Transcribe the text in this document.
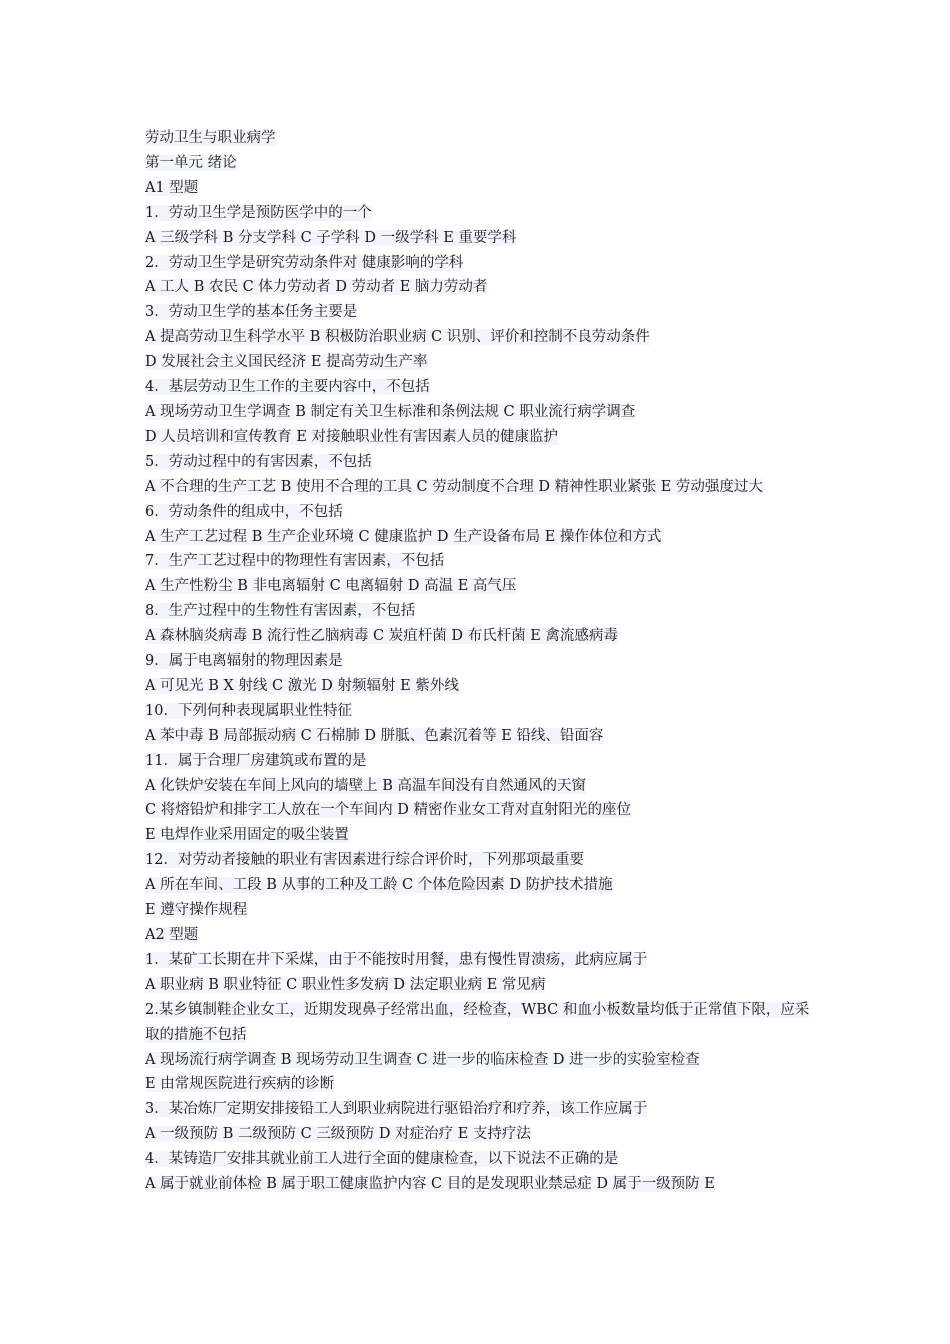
劳动卫生与职业病学
第一单元 绪论
A1 型题
1．劳动卫生学是预防医学中的一个
A 三级学科 B 分支学科 C 子学科 D 一级学科 E 重要学科
2．劳动卫生学是研究劳动条件对 健康影响的学科
A 工人 B 农民 C 体力劳动者 D 劳动者 E 脑力劳动者
3．劳动卫生学的基本任务主要是
A 提高劳动卫生科学水平 B 积极防治职业病 C 识别、评价和控制不良劳动条件
D 发展社会主义国民经济 E 提高劳动生产率
4．基层劳动卫生工作的主要内容中，不包括
A 现场劳动卫生学调查 B 制定有关卫生标准和条例法规 C 职业流行病学调查
D 人员培训和宣传教育 E 对接触职业性有害因素人员的健康监护
5．劳动过程中的有害因素，不包括
A 不合理的生产工艺 B 使用不合理的工具 C 劳动制度不合理 D 精神性职业紧张 E 劳动强度过大
6．劳动条件的组成中，不包括
A 生产工艺过程 B 生产企业环境 C 健康监护 D 生产设备布局 E 操作体位和方式
7．生产工艺过程中的物理性有害因素，不包括
A 生产性粉尘 B 非电离辐射 C 电离辐射 D 高温 E 高气压
8．生产过程中的生物性有害因素，不包括
A 森林脑炎病毒 B 流行性乙脑病毒 C 炭疽杆菌 D 布氏杆菌 E 禽流感病毒
9．属于电离辐射的物理因素是
A 可见光 B X 射线 C 激光 D 射频辐射 E 紫外线
10．下列何种表现属职业性特征
A 苯中毒 B 局部振动病 C 石棉肺 D 胼胝、色素沉着等 E 铅线、铅面容
11．属于合理厂房建筑或布置的是
A 化铁炉安装在车间上风向的墙壁上 B 高温车间没有自然通风的天窗
C 将熔铅炉和排字工人放在一个车间内 D 精密作业女工背对直射阳光的座位
E 电焊作业采用固定的吸尘装置
12．对劳动者接触的职业有害因素进行综合评价时，下列那项最重要
A 所在车间、工段 B 从事的工种及工龄 C 个体危险因素 D 防护技术措施
E 遵守操作规程
A2 型题
1．某矿工长期在井下采煤，由于不能按时用餐，患有慢性胃溃疡，此病应属于
A 职业病 B 职业特征 C 职业性多发病 D 法定职业病 E 常见病
2.某乡镇制鞋企业女工，近期发现鼻子经常出血，经检查，WBC 和血小板数量均低于正常值下限，应采取的措施不包括
A 现场流行病学调查 B 现场劳动卫生调查 C 进一步的临床检查 D 进一步的实验室检查
E 由常规医院进行疾病的诊断
3．某冶炼厂定期安排接铅工人到职业病院进行驱铅治疗和疗养，该工作应属于
A 一级预防 B 二级预防 C 三级预防 D 对症治疗 E 支持疗法
4．某铸造厂安排其就业前工人进行全面的健康检查，以下说法不正确的是
A 属于就业前体检 B 属于职工健康监护内容 C 目的是发现职业禁忌症 D 属于一级预防 E
